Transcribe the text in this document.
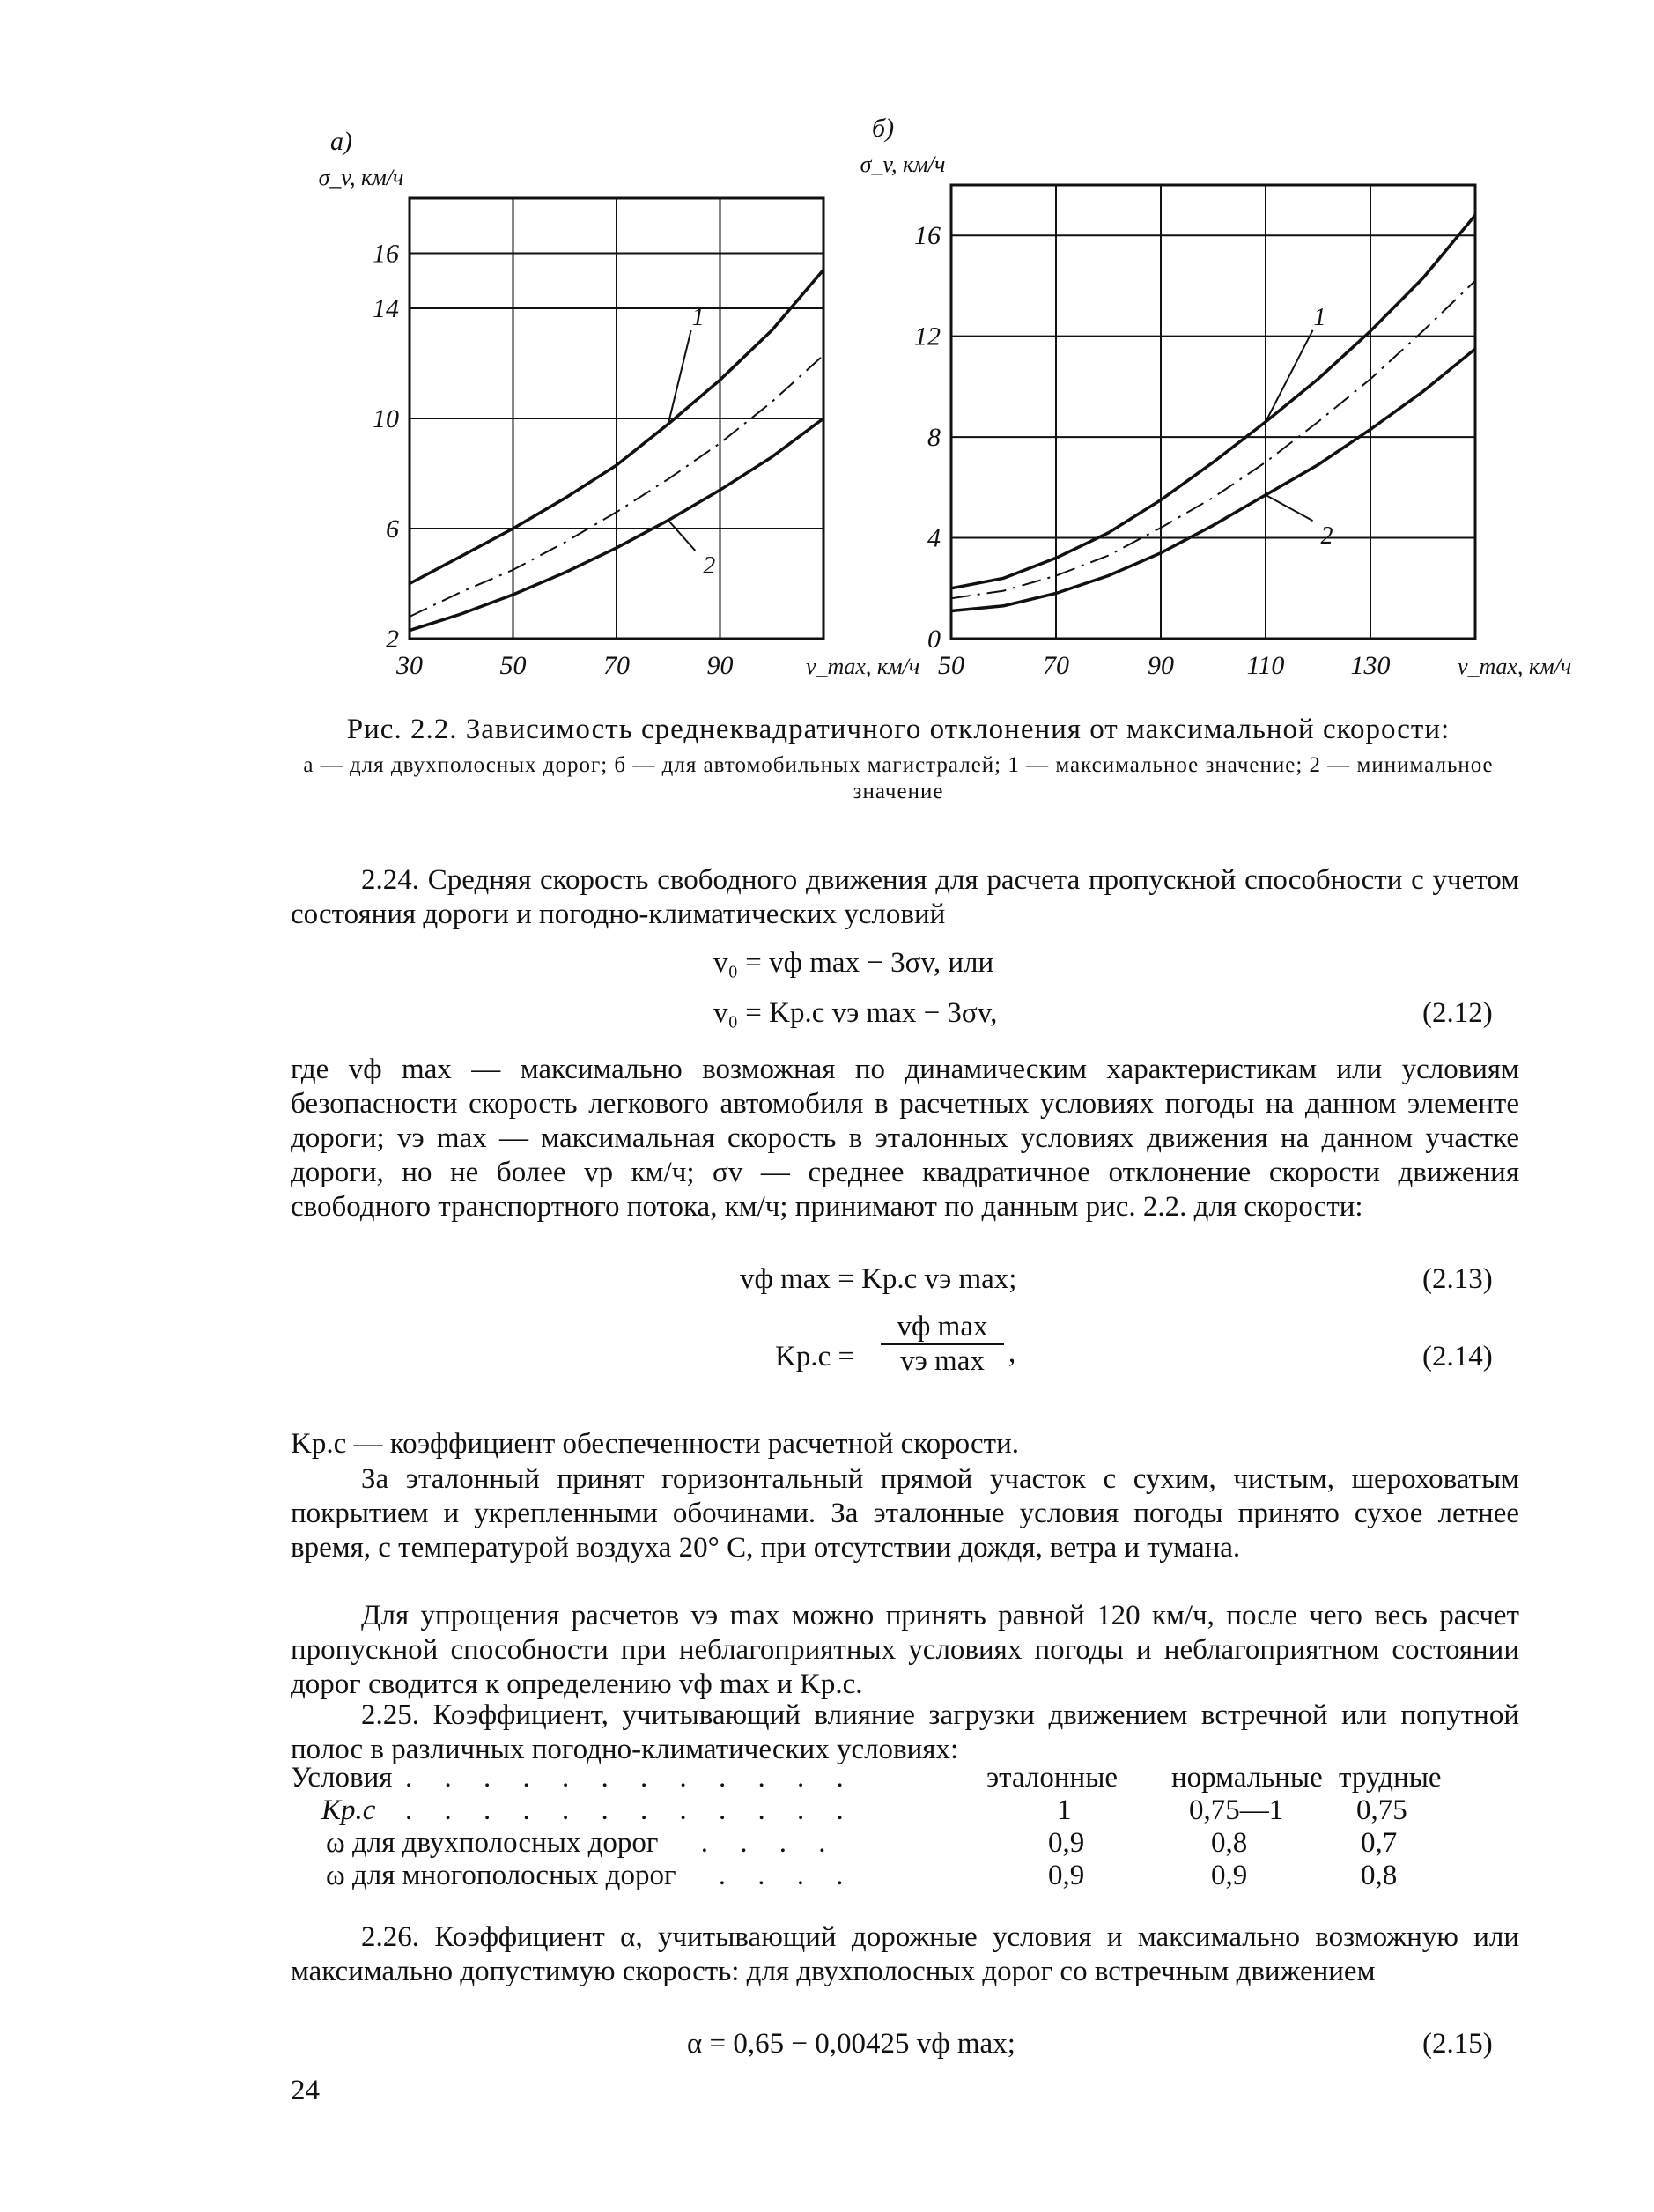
30	50	70	90
2
6
10
14
16
σ_v, км/ч
v_max, км/ч
а)
1
2
50	70	90	110	130
0
4
8
12
16
σ_v, км/ч
v_max, км/ч
б)
1
2
Рис. 2.2. Зависимость среднеквадратичного отклонения от максимальной скорости:
а — для двухполосных дорог; б — для автомобильных магистралей; 1 — максимальное значение; 2 — минимальное значение
2.24. Средняя скорость свободного движения для расчета пропускной способности с учетом состояния дороги и погодно-климатических условий
v₀ = vф max − 3σv, или
v₀ = Kр.с vэ max − 3σv,	(2.12)
где vф max — максимально возможная по динамическим характеристикам или условиям безопасности скорость легкового автомобиля в расчетных условиях погоды на данном элементе дороги; vэ max — максимальная скорость в эталонных условиях движения на данном участке дороги, но не более vр км/ч; σv — среднее квадратичное отклонение скорости движения свободного транспортного потока, км/ч; принимают по данным рис. 2.2. для скорости:
vф max = Kр.с vэ max;	(2.13)
Kр.с =
vф max
vэ max ,	(2.14)
Kр.с — коэффициент обеспеченности расчетной скорости.
За эталонный принят горизонтальный прямой участок с сухим, чистым, шероховатым покрытием и укрепленными обочинами. За эталонные условия погоды принято сухое летнее время, с температурой воздуха 20° С, при отсутствии дождя, ветра и тумана.
Для упрощения расчетов vэ max можно принять равной 120 км/ч, после чего весь расчет пропускной способности при неблагоприятных условиях погоды и неблагоприятном состоянии дорог сводится к определению vф max и Kр.с.
2.25. Коэффициент, учитывающий влияние загрузки движением встречной или попутной полос в различных погодно-климатических условиях:
Условия	. . . . . . . . . . . .	эталонные	нормальные	трудные
Kр.с	. . . . . . . . . . . .	1	0,75—1	0,75
ω для двухполосных дорог . . . .		0,9	0,8	0,7
ω для многополосных дорог . . . .		0,9	0,9	0,8
2.26. Коэффициент α, учитывающий дорожные условия и максимально возможную или максимально допустимую скорость: для двухполосных дорог со встречным движением
α = 0,65 − 0,00425 vф max;	(2.15)
24
